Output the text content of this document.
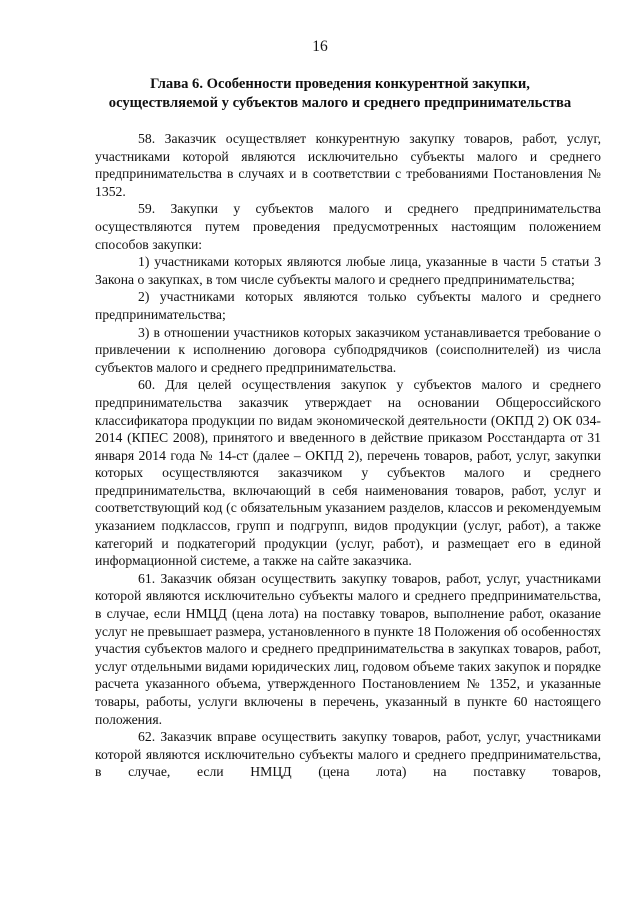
16
Глава 6. Особенности проведения конкурентной закупки,
осуществляемой у субъектов малого и среднего предпринимательства

58. Заказчик осуществляет конкурентную закупку товаров, работ, услуг, участниками которой являются исключительно субъекты малого и среднего предпринимательства в случаях и в соответствии с требованиями Постановления № 1352.

59. Закупки у субъектов малого и среднего предпринимательства осуществляются путем проведения предусмотренных настоящим положением способов закупки:

1) участниками которых являются любые лица, указанные в части 5 статьи 3 Закона о закупках, в том числе субъекты малого и среднего предпринимательства;

2) участниками которых являются только субъекты малого и среднего предпринимательства;

3) в отношении участников которых заказчиком устанавливается требование о привлечении к исполнению договора субподрядчиков (соисполнителей) из числа субъектов малого и среднего предпринимательства.

60. Для целей осуществления закупок у субъектов малого и среднего предпринимательства заказчик утверждает на основании Общероссийского классификатора продукции по видам экономической деятельности (ОКПД 2) ОК 034-2014 (КПЕС 2008), принятого и введенного в действие приказом Росстандарта от 31 января 2014 года № 14-ст (далее – ОКПД 2), перечень товаров, работ, услуг, закупки которых осуществляются заказчиком у субъектов малого и среднего предпринимательства, включающий в себя наименования товаров, работ, услуг и соответствующий код (с обязательным указанием разделов, классов и рекомендуемым указанием подклассов, групп и подгрупп, видов продукции (услуг, работ), а также категорий и подкатегорий продукции (услуг, работ), и размещает его в единой информационной системе, а также на сайте заказчика.

61. Заказчик обязан осуществить закупку товаров, работ, услуг, участниками которой являются исключительно субъекты малого и среднего предпринимательства, в случае, если НМЦД (цена лота) на поставку товаров, выполнение работ, оказание услуг не превышает размера, установленного в пункте 18 Положения об особенностях участия субъектов малого и среднего предпринимательства в закупках товаров, работ, услуг отдельными видами юридических лиц, годовом объеме таких закупок и порядке расчета указанного объема, утвержденного Постановлением № 1352, и указанные товары, работы, услуги включены в перечень, указанный в пункте 60 настоящего положения.

62. Заказчик вправе осуществить закупку товаров, работ, услуг, участниками которой являются исключительно субъекты малого и среднего предпринимательства, в случае, если НМЦД (цена лота) на поставку товаров,
